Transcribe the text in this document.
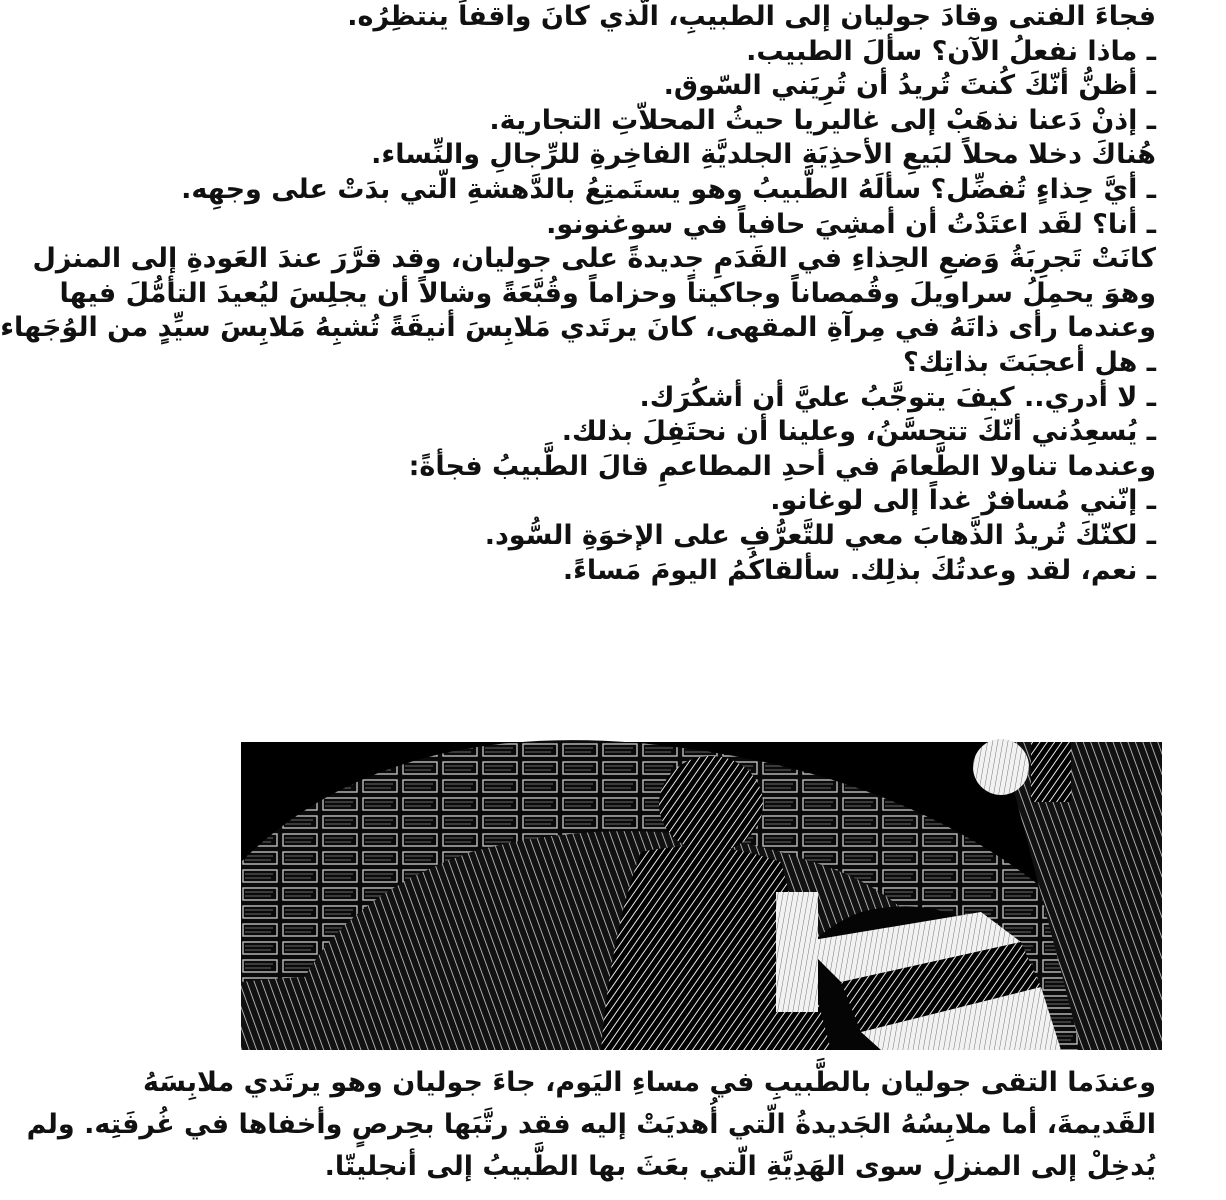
فجاءَ الفتى وقادَ جوليان إلى الطبيبِ، الّذي كانَ واقفاً ينتظِرُه.
ـ ماذا نفعلُ الآن؟ سألَ الطبيب.
ـ أظنُّ أنّكَ كُنتَ تُريدُ أن تُرِيَني السّوق.
ـ إذنْ دَعنا نذهَبْ إلى غاليريا حيثُ المحلاّتِ التجارية.
هُناكَ دخلا محلاً لبَيعِ الأحذِيَةِ الجلديَّةِ الفاخِرةِ للرِّجالِ والنِّساء.
ـ أيَّ حِذاءٍ تُفضِّل؟ سألَهُ الطَّبيبُ وهو يستَمتِعُ بالدَّهشةِ الّتي بدَتْ على وجهِه.
ـ أنا؟ لقَد اعتَدْتُ أن أمشِيَ حافياً في سوغنونو.
كانَتْ تَجرِبَةُ وَضعِ الحِذاءِ في القَدَمِ جديدةً على جوليان، وقد قرَّرَ عندَ العَودةِ إلى المنزل
وهوَ يحمِلُ سراويلَ وقُمصاناً وجاكيتاً وحزاماً وقُبَّعَةً وشالاً أن يجلِسَ ليُعيدَ التأمُّلَ فيها
وعندما رأى ذاتَهُ في مِرآةِ المقهى، كانَ يرتَدي مَلابِسَ أنيقَةً تُشبِهُ مَلابِسَ سيِّدٍ من الوُجَهاء
ـ هل أعجبَتَ بذاتِك؟
ـ لا أدري.. كيفَ يتوجَّبُ عليَّ أن أشكُرَك.
ـ يُسعِدُني أنّكَ تتحسَّنُ، وعلينا أن نحتَفِلَ بذلك.
وعندما تناولا الطَّعامَ في أحدِ المطاعمِ قالَ الطَّبيبُ فجأةً:
ـ إنّني مُسافرٌ غداً إلى لوغانو.
ـ لكنّكَ تُريدُ الذَّهابَ معي للتَّعرُّفِ على الإخوَةِ السُّود.
ـ نعم، لقد وعدتُكَ بذلِك. سألقاكُمُ اليومَ مَساءً.
وعندَما التقى جوليان بالطَّبيبِ في مساءِ اليَوم، جاءَ جوليان وهو يرتَدي ملابِسَهُ
القَديمةَ، أما ملابِسُهُ الجَديدةُ الّتي أُهديَتْ إليه فقد رتَّبَها بحِرصٍ وأخفاها في غُرفَتِه. ولم
يُدخِلْ إلى المنزلِ سوى الهَدِيَّةِ الّتي بعَثَ بها الطَّبيبُ إلى أنجليتّا.
